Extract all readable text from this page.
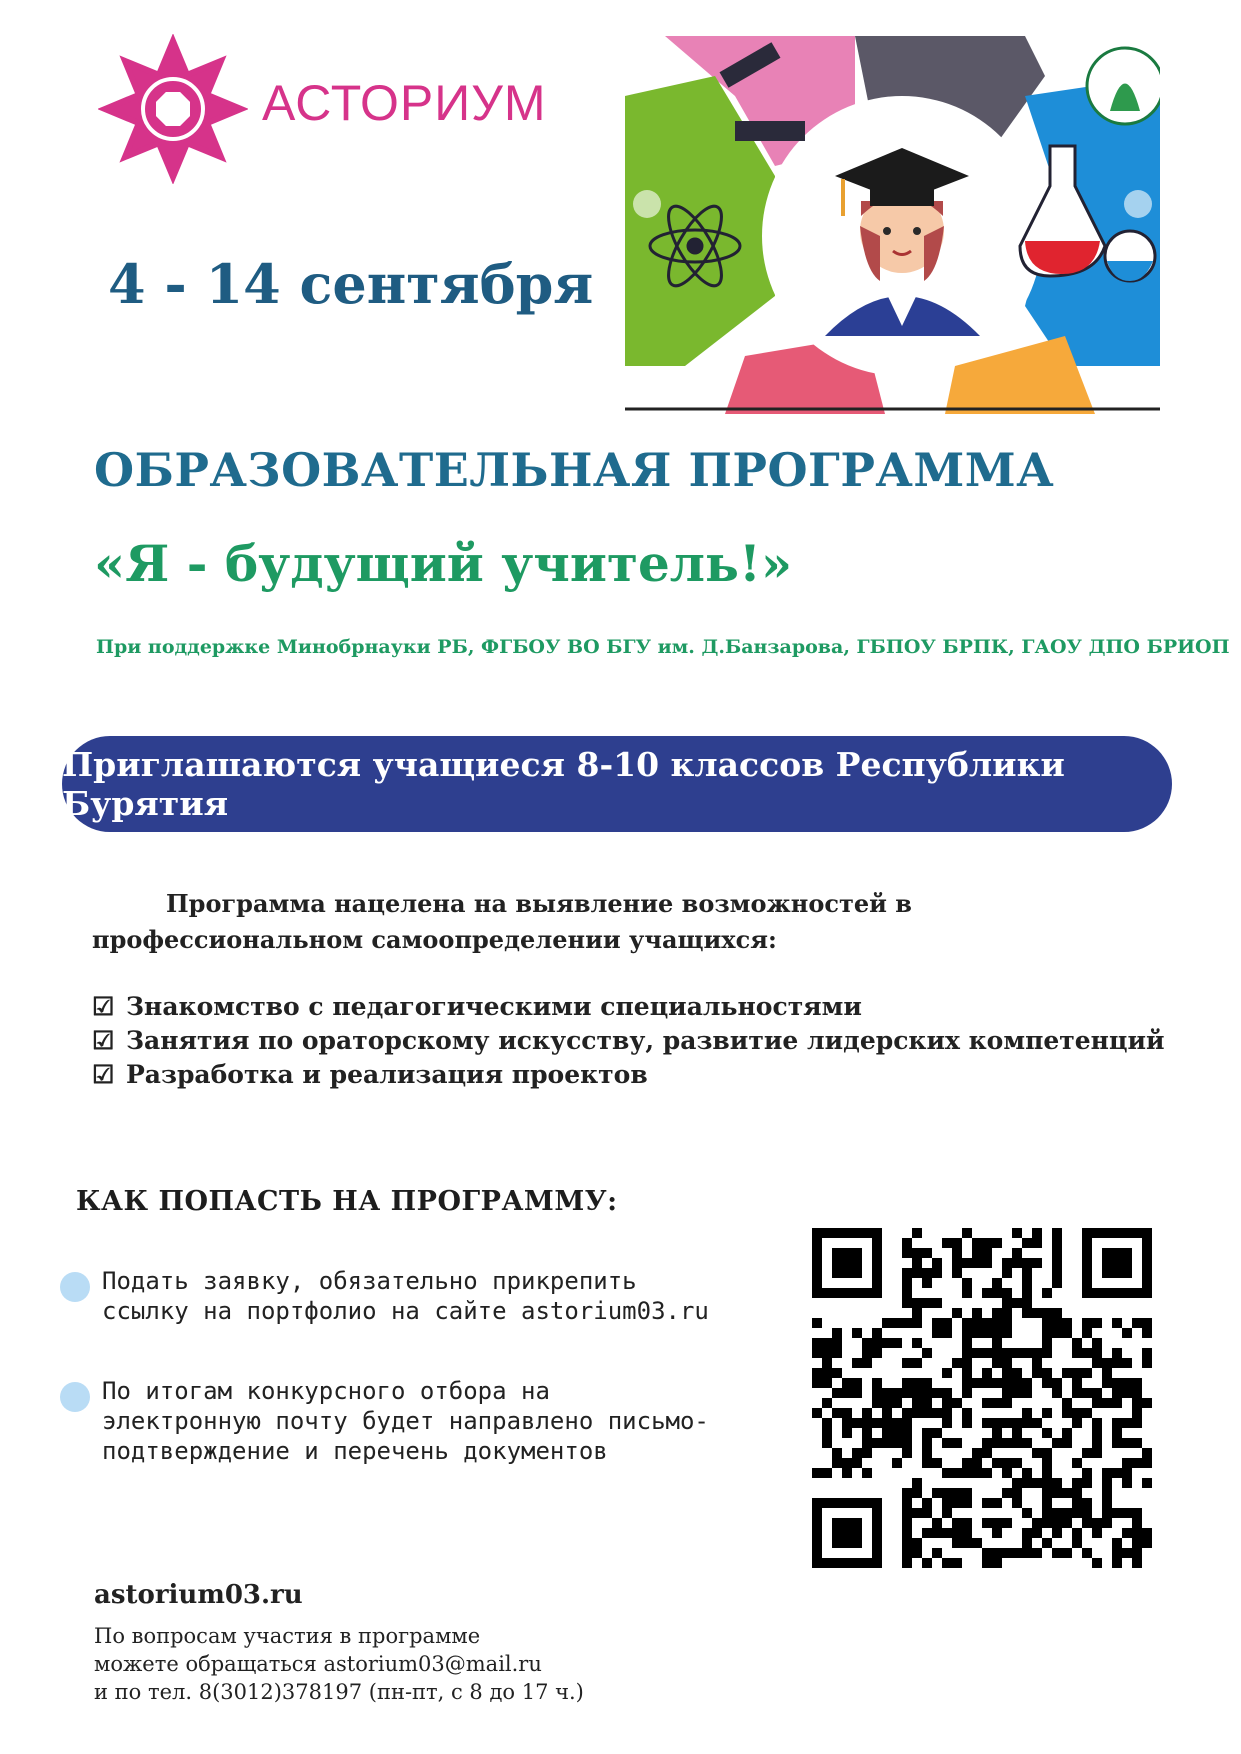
АСТОРИУМ
4 - 14 сентября
ОБРАЗОВАТЕЛЬНАЯ ПРОГРАММА
«Я - будущий учитель!»
При поддержке Минобрнауки РБ, ФГБОУ ВО БГУ им. Д.Банзарова, ГБПОУ БРПК, ГАОУ ДПО БРИОП
Приглашаются учащиеся 8-10 классов Республики Бурятия
Программа нацелена на выявление возможностей в профессиональном самоопределении учащихся:
☑ Знакомство с педагогическими специальностями
☑ Занятия по ораторскому искусству, развитие лидерских компетенций
☑ Разработка и реализация проектов
КАК ПОПАСТЬ НА ПРОГРАММУ:
Подать заявку, обязательно прикрепить ссылку на портфолио на сайте astorium03.ru
По итогам конкурсного отбора на электронную почту будет направлено письмо-подтверждение и перечень документов
astorium03.ru
По вопросам участия в программе
можете обращаться astorium03@mail.ru
и по тел. 8(3012)378197 (пн-пт, с 8 до 17 ч.)
